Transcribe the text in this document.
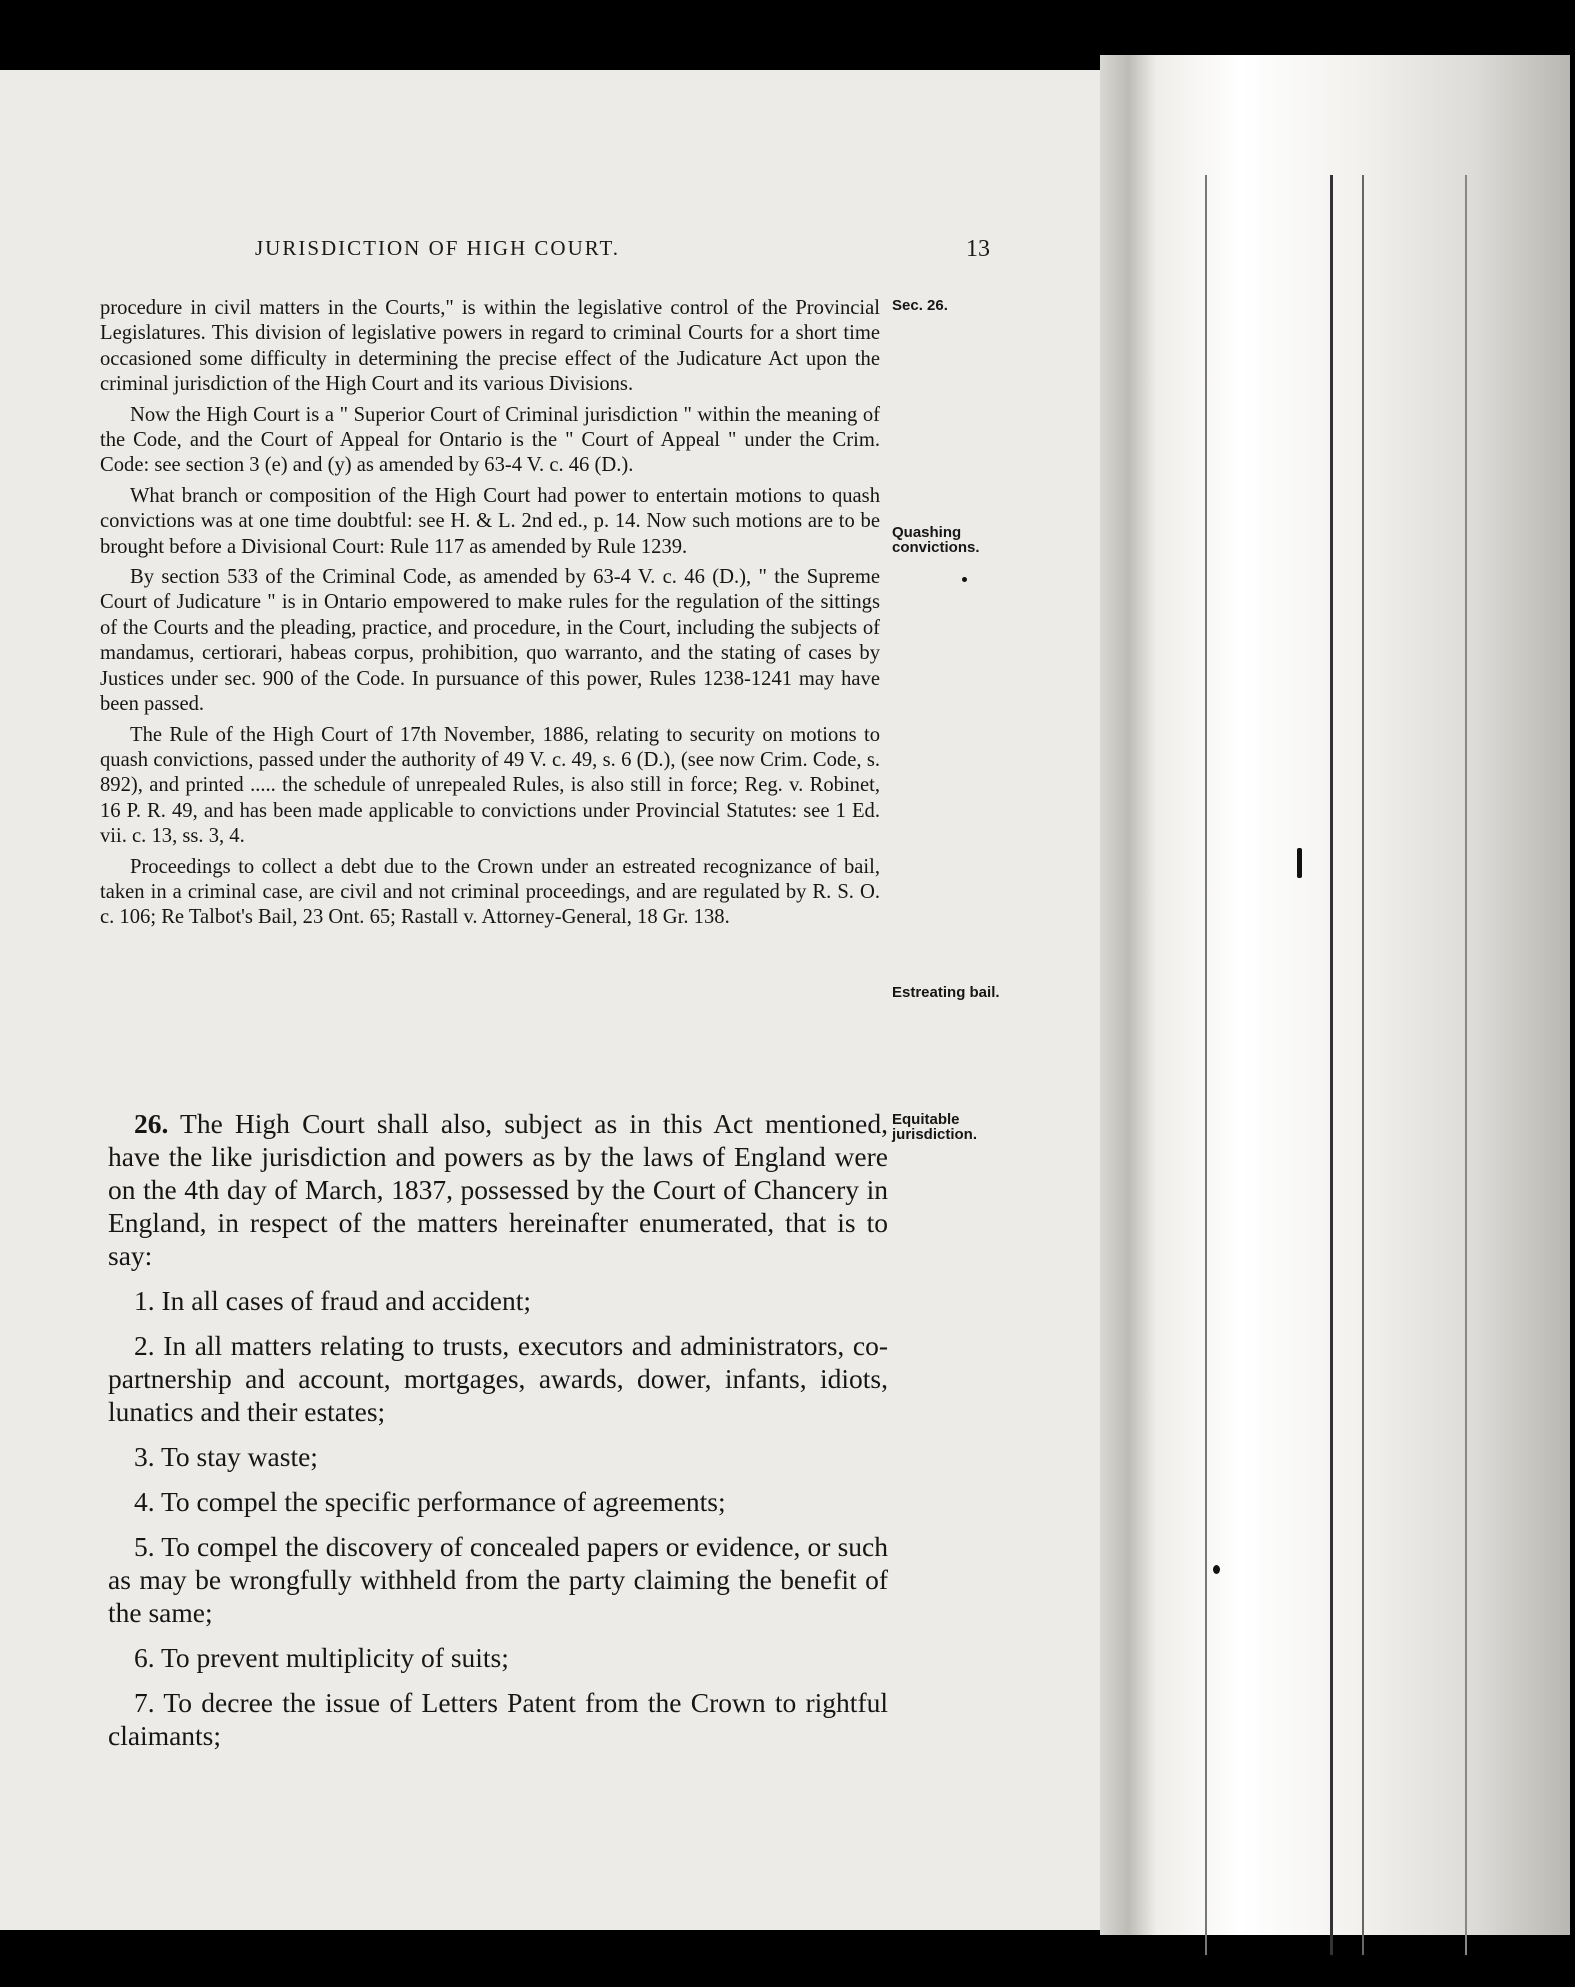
JURISDICTION OF HIGH COURT.	13
Sec. 26.
Quashing convictions.
Estreating bail.
Equitable jurisdiction.

procedure in civil matters in the Courts," is within the legislative control of the Provincial Legislatures. This division of legislative powers in regard to criminal Courts for a short time occasioned some difficulty in determining the precise effect of the Judicature Act upon the criminal jurisdiction of the High Court and its various Divisions.

Now the High Court is a " Superior Court of Criminal jurisdiction " within the meaning of the Code, and the Court of Appeal for Ontario is the " Court of Appeal " under the Crim. Code: see section 3 (e) and (y) as amended by 63-4 V. c. 46 (D.).

What branch or composition of the High Court had power to entertain motions to quash convictions was at one time doubtful: see H. & L. 2nd ed., p. 14. Now such motions are to be brought before a Divisional Court: Rule 117 as amended by Rule 1239.

By section 533 of the Criminal Code, as amended by 63-4 V. c. 46 (D.), " the Supreme Court of Judicature " is in Ontario empowered to make rules for the regulation of the sittings of the Courts and the pleading, practice, and procedure, in the Court, including the subjects of mandamus, certiorari, habeas corpus, prohibition, quo warranto, and the stating of cases by Justices under sec. 900 of the Code. In pursuance of this power, Rules 1238-1241 may have been passed.

The Rule of the High Court of 17th November, 1886, relating to security on motions to quash convictions, passed under the authority of 49 V. c. 49, s. 6 (D.), (see now Crim. Code, s. 892), and printed ..... the schedule of unrepealed Rules, is also still in force; Reg. v. Robinet, 16 P. R. 49, and has been made applicable to convictions under Provincial Statutes: see 1 Ed. vii. c. 13, ss. 3, 4.

Proceedings to collect a debt due to the Crown under an estreated recognizance of bail, taken in a criminal case, are civil and not criminal proceedings, and are regulated by R. S. O. c. 106; Re Talbot's Bail, 23 Ont. 65; Rastall v. Attorney-General, 18 Gr. 138.

26. The High Court shall also, subject as in this Act mentioned, have the like jurisdiction and powers as by the laws of England were on the 4th day of March, 1837, possessed by the Court of Chancery in England, in respect of the matters hereinafter enumerated, that is to say:

1. In all cases of fraud and accident;

2. In all matters relating to trusts, executors and administrators, co-partnership and account, mortgages, awards, dower, infants, idiots, lunatics and their estates;

3. To stay waste;

4. To compel the specific performance of agreements;

5. To compel the discovery of concealed papers or evidence, or such as may be wrongfully withheld from the party claiming the benefit of the same;

6. To prevent multiplicity of suits;

7. To decree the issue of Letters Patent from the Crown to rightful claimants;
